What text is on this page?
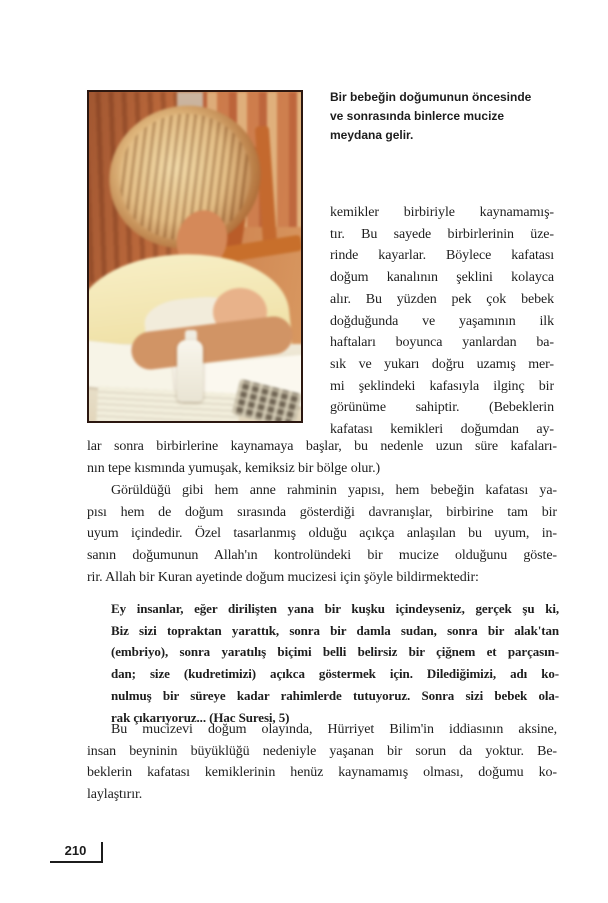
Bir bebeğin doğumunun öncesinde
ve sonrasında binlerce mucize
meydana gelir.
kemikler birbiriyle kaynamamış-
tır. Bu sayede birbirlerinin üze-
rinde kayarlar. Böylece kafatası
doğum kanalının şeklini kolayca
alır. Bu yüzden pek çok bebek
doğduğunda ve yaşamının ilk
haftaları boyunca yanlardan ba-
sık ve yukarı doğru uzamış mer-
mi şeklindeki kafasıyla ilginç bir
görünüme sahiptir. (Bebeklerin
kafatası kemikleri doğumdan ay-
lar sonra birbirlerine kaynamaya başlar, bu nedenle uzun süre kafaları-
nın tepe kısmında yumuşak, kemiksiz bir bölge olur.)
Görüldüğü gibi hem anne rahminin yapısı, hem bebeğin kafatası ya-
pısı hem de doğum sırasında gösterdiği davranışlar, birbirine tam bir
uyum içindedir. Özel tasarlanmış olduğu açıkça anlaşılan bu uyum, in-
sanın doğumunun Allah'ın kontrolündeki bir mucize olduğunu göste-
rir. Allah bir Kuran ayetinde doğum mucizesi için şöyle bildirmektedir:
Ey insanlar, eğer dirilişten yana bir kuşku içindeyseniz, gerçek şu ki,
Biz sizi topraktan yarattık, sonra bir damla sudan, sonra bir alak'tan
(embriyo), sonra yaratılış biçimi belli belirsiz bir çiğnem et parçasın-
dan; size (kudretimizi) açıkca göstermek için. Dilediğimizi, adı ko-
nulmuş bir süreye kadar rahimlerde tutuyoruz. Sonra sizi bebek ola-
rak çıkarıyoruz... (Hac Suresi, 5)
Bu mucizevi doğum olayında, Hürriyet Bilim'in iddiasının aksine,
insan beyninin büyüklüğü nedeniyle yaşanan bir sorun da yoktur. Be-
beklerin kafatası kemiklerinin henüz kaynamamış olması, doğumu ko-
laylaştırır.
210
